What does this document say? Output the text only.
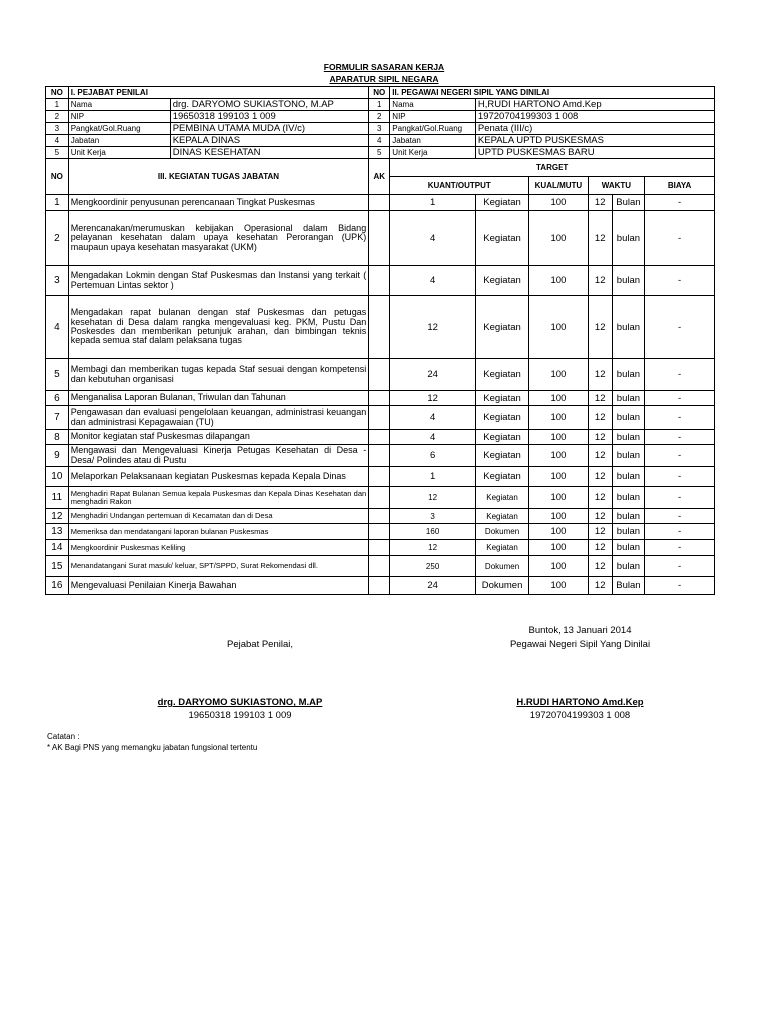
FORMULIR SASARAN KERJA
APARATUR SIPIL NEGARA
NO	I. PEJABAT PENILAI		NO	II. PEGAWAI NEGERI SIPIL YANG DINILAI					
1	Nama	drg. DARYOMO SUKIASTONO, M.AP	1	Nama	H,RUDI HARTONO Amd.Kep				
2	NIP	19650318 199103 1 009	2	NIP	19720704199303 1 008				
3	Pangkat/Gol.Ruang	PEMBINA UTAMA MUDA (IV/c)	3	Pangkat/Gol.Ruang	Penata (III/c)				
4	Jabatan	KEPALA DINAS	4	Jabatan	KEPALA UPTD PUSKESMAS				
5	Unit Kerja	DINAS KESEHATAN	5	Unit Kerja	UPTD PUSKESMAS BARU				
NO	III. KEGIATAN TUGAS JABATAN		AK	TARGET					
				KUANT/OUTPUT		KUAL/MUTU	WAKTU		BIAYA
1	Mengkoordinir penyusunan perencanaan Tingkat Puskesmas			1	Kegiatan	100	12	Bulan	-
2	Merencanakan/merumuskan kebijakan Operasional dalam Bidang pelayanan kesehatan dalam upaya kesehatan Perorangan (UPK) maupaun upaya kesehatan masyarakat (UKM)			4	Kegiatan	100	12	bulan	-
3	Mengadakan Lokmin dengan Staf Puskesmas dan Instansi yang terkait ( Pertemuan Lintas sektor )			4	Kegiatan	100	12	bulan	-
4	Mengadakan rapat bulanan dengan staf Puskesmas dan petugas kesehatan di Desa dalam rangka mengevaluasi keg. PKM, Pustu Dan Poskesdes dan memberikan petunjuk arahan, dan bimbingan teknis kepada semua staf dalam pelaksana tugas			12	Kegiatan	100	12	bulan	-
5	Membagi dan memberikan tugas kepada Staf sesuai dengan kompetensi dan kebutuhan organisasi			24	Kegiatan	100	12	bulan	-
6	Menganalisa Laporan Bulanan, Triwulan dan Tahunan			12	Kegiatan	100	12	bulan	-
7	Pengawasan dan evaluasi pengelolaan keuangan, administrasi keuangan dan administrasi Kepagawaian (TU)			4	Kegiatan	100	12	bulan	-
8	Monitor kegiatan staf Puskesmas dilapangan			4	Kegiatan	100	12	bulan	-
9	Mengawasi dan Mengevaluasi Kinerja Petugas Kesehatan di Desa - Desa/ Polindes atau di Pustu			6	Kegiatan	100	12	bulan	-
10	Melaporkan Pelaksanaan kegiatan Puskesmas kepada Kepala Dinas			1	Kegiatan	100	12	bulan	-
11	Menghadiri Rapat Bulanan Semua kepala Puskesmas dan Kepala Dinas Kesehatan dan menghadiri Rakon			12	Kegiatan	100	12	bulan	-
12	Menghadiri Undangan pertemuan di Kecamatan dan di Desa			3	Kegiatan	100	12	bulan	-
13	Memeriksa dan mendatangani laporan bulanan Puskesmas			160	Dokumen	100	12	bulan	-
14	Mengkoordinir Puskesmas Keliling			12	Kegiatan	100	12	bulan	-
15	Menandatangani Surat masuk/ keluar, SPT/SPPD, Surat Rekomendasi dll.			250	Dokumen	100	12	bulan	-
16	Mengevaluasi Penilaian Kinerja Bawahan			24	Dokumen	100	12	Bulan	-
Buntok, 13 Januari 2014
Pejabat Penilai,	Pegawai Negeri Sipil Yang Dinilai
drg. DARYOMO SUKIASTONO, M.AP
19650318 199103 1 009
H.RUDI HARTONO Amd.Kep
19720704199303 1 008
Catatan :
* AK Bagi PNS yang memangku jabatan fungsional tertentu
